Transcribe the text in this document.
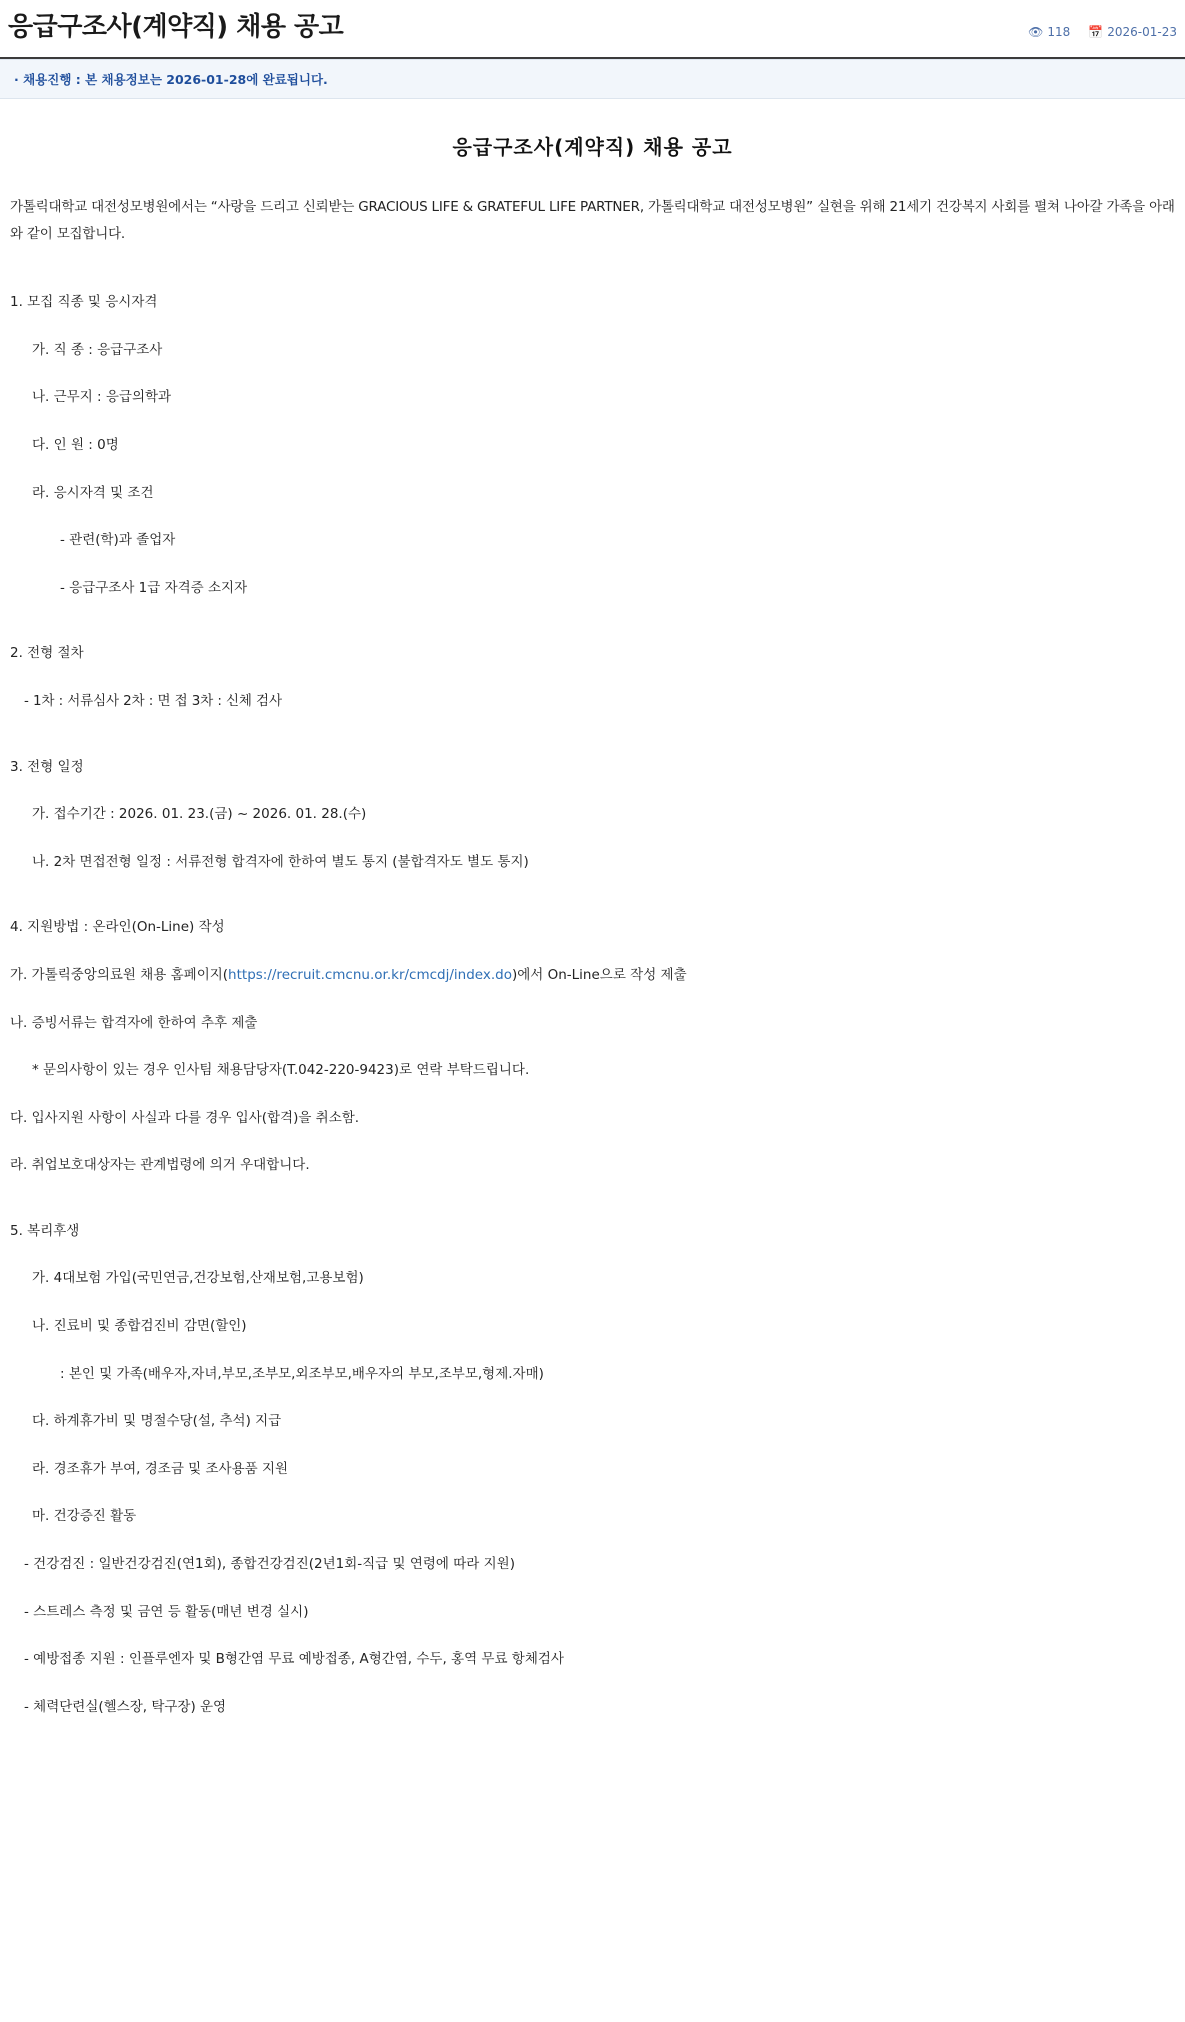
응급구조사(계약직) 채용 공고	👁 118 📅 2026-01-23
· 채용진행 : 본 채용정보는 2026-01-28에 완료됩니다.
응급구조사(계약직) 채용 공고
가톨릭대학교 대전성모병원에서는 “사랑을 드리고 신뢰받는 GRACIOUS LIFE & GRATEFUL LIFE PARTNER, 가톨릭대학교 대전성모병원” 실현을 위해 21세기 건강복지 사회를 펼쳐 나아갈 가족을 아래와 같이 모집합니다.
1. 모집 직종 및 응시자격
가. 직 종 : 응급구조사
나. 근무지 : 응급의학과
다. 인 원 : 0명
라. 응시자격 및 조건
- 관련(학)과 졸업자
- 응급구조사 1급 자격증 소지자
2. 전형 절차
- 1차 : 서류심사 2차 : 면 접 3차 : 신체 검사
3. 전형 일정
가. 접수기간 : 2026. 01. 23.(금) ~ 2026. 01. 28.(수)
나. 2차 면접전형 일정 : 서류전형 합격자에 한하여 별도 통지 (불합격자도 별도 통지)
4. 지원방법 : 온라인(On-Line) 작성
가. 가톨릭중앙의료원 채용 홈페이지(https://recruit.cmcnu.or.kr/cmcdj/index.do)에서 On-Line으로 작성 제출
나. 증빙서류는 합격자에 한하여 추후 제출
* 문의사항이 있는 경우 인사팀 채용담당자(T.042-220-9423)로 연락 부탁드립니다.
다. 입사지원 사항이 사실과 다를 경우 입사(합격)을 취소함.
라. 취업보호대상자는 관계법령에 의거 우대합니다.
5. 복리후생
가. 4대보험 가입(국민연금,건강보험,산재보험,고용보험)
나. 진료비 및 종합검진비 감면(할인)
: 본인 및 가족(배우자,자녀,부모,조부모,외조부모,배우자의 부모,조부모,형제.자매)
다. 하계휴가비 및 명절수당(설, 추석) 지급
라. 경조휴가 부여, 경조금 및 조사용품 지원
마. 건강증진 활동
- 건강검진 : 일반건강검진(연1회), 종합건강검진(2년1회-직급 및 연령에 따라 지원)
- 스트레스 측정 및 금연 등 활동(매년 변경 실시)
- 예방접종 지원 : 인플루엔자 및 B형간염 무료 예방접종, A형간염, 수두, 홍역 무료 항체검사
- 체력단련실(헬스장, 탁구장) 운영
